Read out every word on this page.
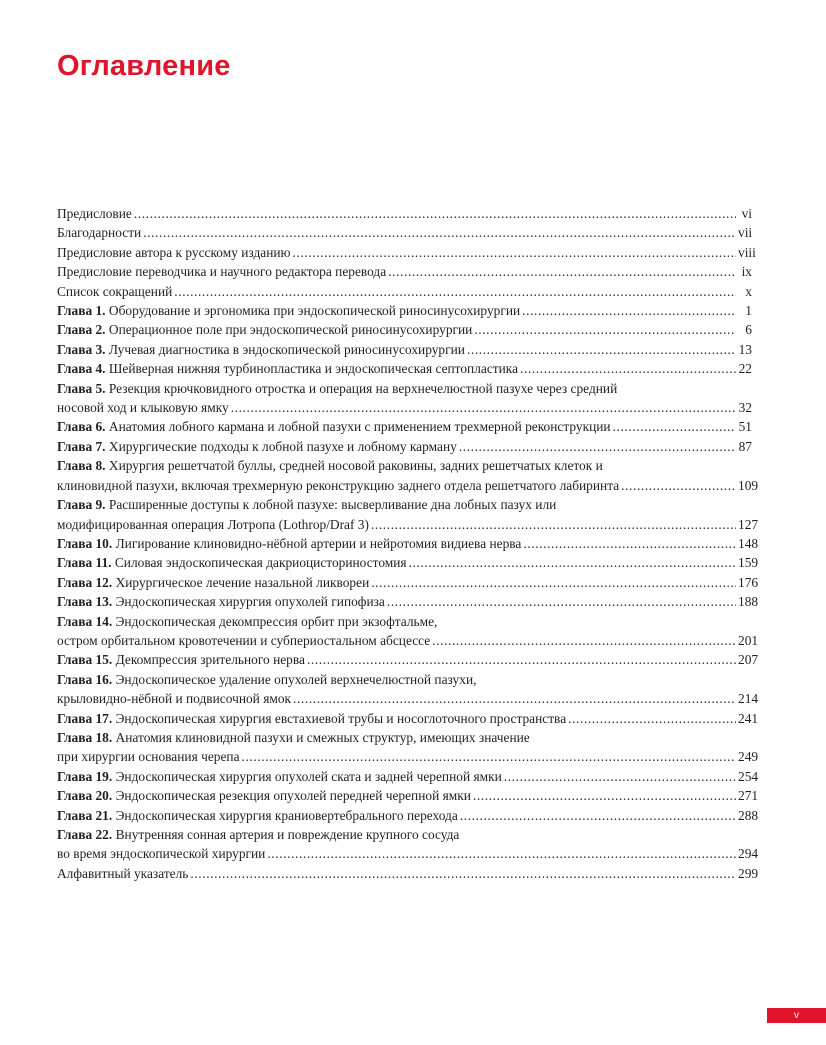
Оглавление
Предисловие .....	vi
Благодарности .....	vii
Предисловие автора к русскому изданию .....	viii
Предисловие переводчика и научного редактора перевода .....	ix
Список сокращений .....	x
Глава 1. Оборудование и эргономика при эндоскопической риносинусохирургии .....	1
Глава 2. Операционное поле при эндоскопической риносинусохирургии .....	6
Глава 3. Лучевая диагностика в эндоскопической риносинусохирургии .....	13
Глава 4. Шейверная нижняя турбинопластика и эндоскопическая септопластика .....	22
Глава 5. Резекция крючковидного отростка и операция на верхнечелюстной пазухе через средний
носовой ход и клыковую ямку .....	32
Глава 6. Анатомия лобного кармана и лобной пазухи с применением трехмерной реконструкции .....	51
Глава 7. Хирургические подходы к лобной пазухе и лобному карману .....	87
Глава 8. Хирургия решетчатой буллы, средней носовой раковины, задних решетчатых клеток и
клиновидной пазухи, включая трехмерную реконструкцию заднего отдела решетчатого лабиринта .....	109
Глава 9. Расширенные доступы к лобной пазухе: высверливание дна лобных пазух или
модифицированная операция Лотропа (Lothrop/Draf 3) .....	127
Глава 10. Лигирование клиновидно-нёбной артерии и нейротомия видиева нерва .....	148
Глава 11. Силовая эндоскопическая дакриоцисториностомия .....	159
Глава 12. Хирургическое лечение назальной ликвореи .....	176
Глава 13. Эндоскопическая хирургия опухолей гипофиза .....	188
Глава 14. Эндоскопическая декомпрессия орбит при экзофтальме,
остром орбитальном кровотечении и субпериостальном абсцессе .....	201
Глава 15. Декомпрессия зрительного нерва .....	207
Глава 16. Эндоскопическое удаление опухолей верхнечелюстной пазухи,
крыловидно-нёбной и подвисочной ямок .....	214
Глава 17. Эндоскопическая хирургия евстахиевой трубы и носоглоточного пространства .....	241
Глава 18. Анатомия клиновидной пазухи и смежных структур, имеющих значение
при хирургии основания черепа .....	249
Глава 19. Эндоскопическая хирургия опухолей ската и задней черепной ямки .....	254
Глава 20. Эндоскопическая резекция опухолей передней черепной ямки .....	271
Глава 21. Эндоскопическая хирургия краниовертебрального перехода .....	288
Глава 22. Внутренняя сонная артерия и повреждение крупного сосуда
во время эндоскопической хирургии .....	294
Алфавитный указатель .....	299
v
